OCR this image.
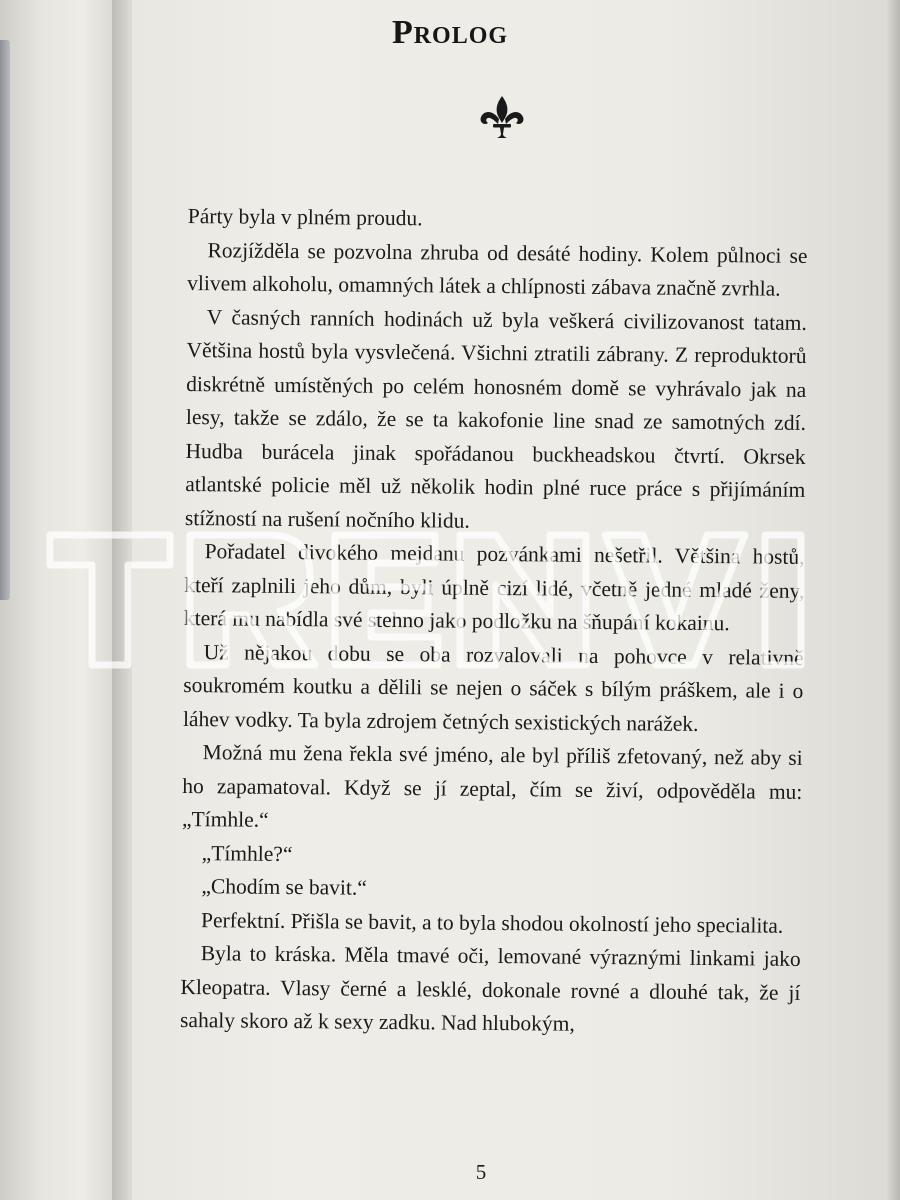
Prolog

Párty byla v plném proudu.

Rozjížděla se pozvolna zhruba od desáté hodiny. Kolem půlnoci se vlivem alkoholu, omamných látek a chlípnosti zábava značně zvrhla.

V časných ranních hodinách už byla veškerá civilizovanost tatam. Většina hostů byla vysvlečená. Všichni ztratili zábrany. Z reproduktorů diskrétně umístěných po celém honosném domě se vyhrávalo jak na lesy, takže se zdálo, že se ta kakofonie line snad ze samotných zdí. Hudba burácela jinak spořádanou buckheadskou čtvrtí. Okrsek atlantské policie měl už několik hodin plné ruce práce s přijímáním stížností na rušení nočního klidu.

Pořadatel divokého mejdanu pozvánkami nešetřil. Většina hostů, kteří zaplnili jeho dům, byli úplně cizí lidé, včetně jedné mladé ženy, která mu nabídla své stehno jako podložku na šňupání kokainu.

Už nějakou dobu se oba rozvalovali na pohovce v relativně soukromém koutku a dělili se nejen o sáček s bílým práškem, ale i o láhev vodky. Ta byla zdrojem četných sexistických narážek.

Možná mu žena řekla své jméno, ale byl příliš zfetovaný, než aby si ho zapamatoval. Když se jí zeptal, čím se živí, odpověděla mu: „Tímhle.“

„Tímhle?“

„Chodím se bavit.“

Perfektní. Přišla se bavit, a to byla shodou okolností jeho specialita.

Byla to kráska. Měla tmavé oči, lemované výraznými linkami jako Kleopatra. Vlasy černé a lesklé, dokonale rovné a dlouhé tak, že jí sahaly skoro až k sexy zadku. Nad hlubokým,

5
